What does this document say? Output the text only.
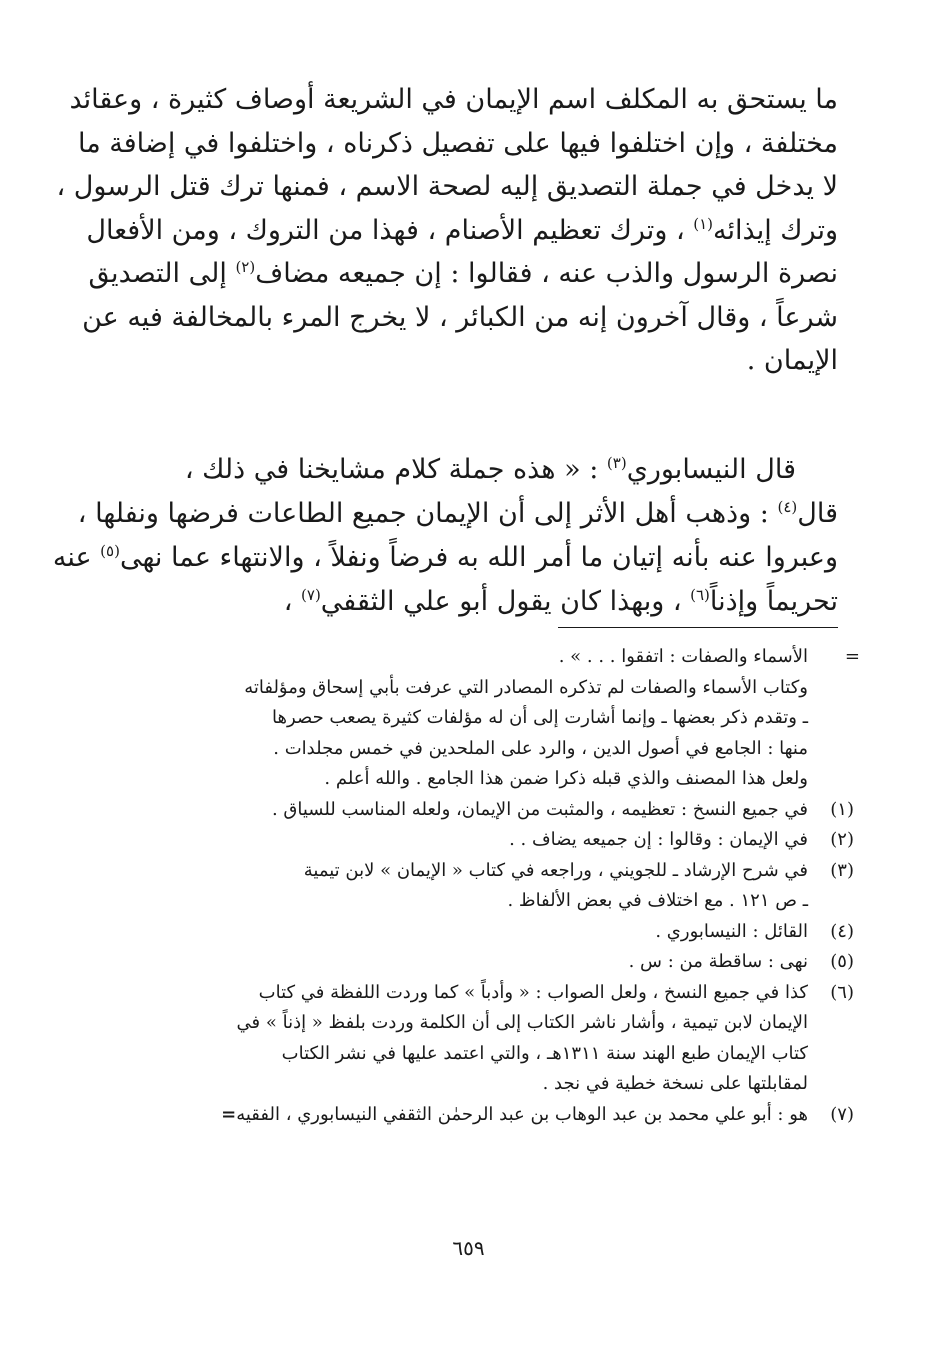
ما يستحق به المكلف اسم الإيمان في الشريعة أوصاف كثيرة ، وعقائد
مختلفة ، وإن اختلفوا فيها على تفصيل ذكرناه ، واختلفوا في إضافة ما
لا يدخل في جملة التصديق إليه لصحة الاسم ، فمنها ترك قتل الرسول ،
وترك إيذائه$^{(١)}$ ، وترك تعظيم الأصنام ، فهذا من التروك ، ومن الأفعال
نصرة الرسول والذب عنه ، فقالوا : إن جميعه مضاف$^{(٢)}$ إلى التصديق
شرعاً ، وقال آخرون إنه من الكبائر ، لا يخرج المرء بالمخالفة فيه عن
الإيمان .
قال النيسابوري$^{(٣)}$ : « هذه جملة كلام مشايخنا في ذلك ،
قال$^{(٤)}$ : وذهب أهل الأثر إلى أن الإيمان جميع الطاعات فرضها ونفلها ،
وعبروا عنه بأنه إتيان ما أمر الله به فرضاً ونفلاً ، والانتهاء عما نهى$^{(٥)}$ عنه
تحريماً وإذناً$^{(٦)}$ ، وبهذا كان يقول أبو علي الثقفي$^{(٧)}$ ،
=
الأسماء والصفات : اتفقوا . . . » .
وكتاب الأسماء والصفات لم تذكره المصادر التي عرفت بأبي إسحاق ومؤلفاته
ـ وتقدم ذكر بعضها ـ وإنما أشارت إلى أن له مؤلفات كثيرة يصعب حصرها
منها : الجامع في أصول الدين ، والرد على الملحدين في خمس مجلدات .
ولعل هذا المصنف والذي قبله ذكرا ضمن هذا الجامع . والله أعلم .
(١)
في جميع النسخ : تعظيمه ، والمثبت من الإيمان، ولعله المناسب للسياق .
(٢)
في الإيمان : وقالوا : إن جميعه يضاف . .
(٣)
في شرح الإرشاد ـ للجويني ، وراجعه في كتاب « الإيمان » لابن تيمية
ـ ص ١٢١ . مع اختلاف في بعض الألفاظ .
(٤)
القائل : النيسابوري .
(٥)
نهى : ساقطة من : س .
(٦)
كذا في جميع النسخ ، ولعل الصواب : « وأدباً » كما وردت اللفظة في كتاب
الإيمان لابن تيمية ، وأشار ناشر الكتاب إلى أن الكلمة وردت بلفظ « إذناً » في
كتاب الإيمان طبع الهند سنة ١٣١١هـ ، والتي اعتمد عليها في نشر الكتاب
لمقابلتها على نسخة خطية في نجد .
(٧)
هو : أبو علي محمد بن عبد الوهاب بن عبد الرحمٰن الثقفي النيسابوري ، الفقيه=
٦٥٩
